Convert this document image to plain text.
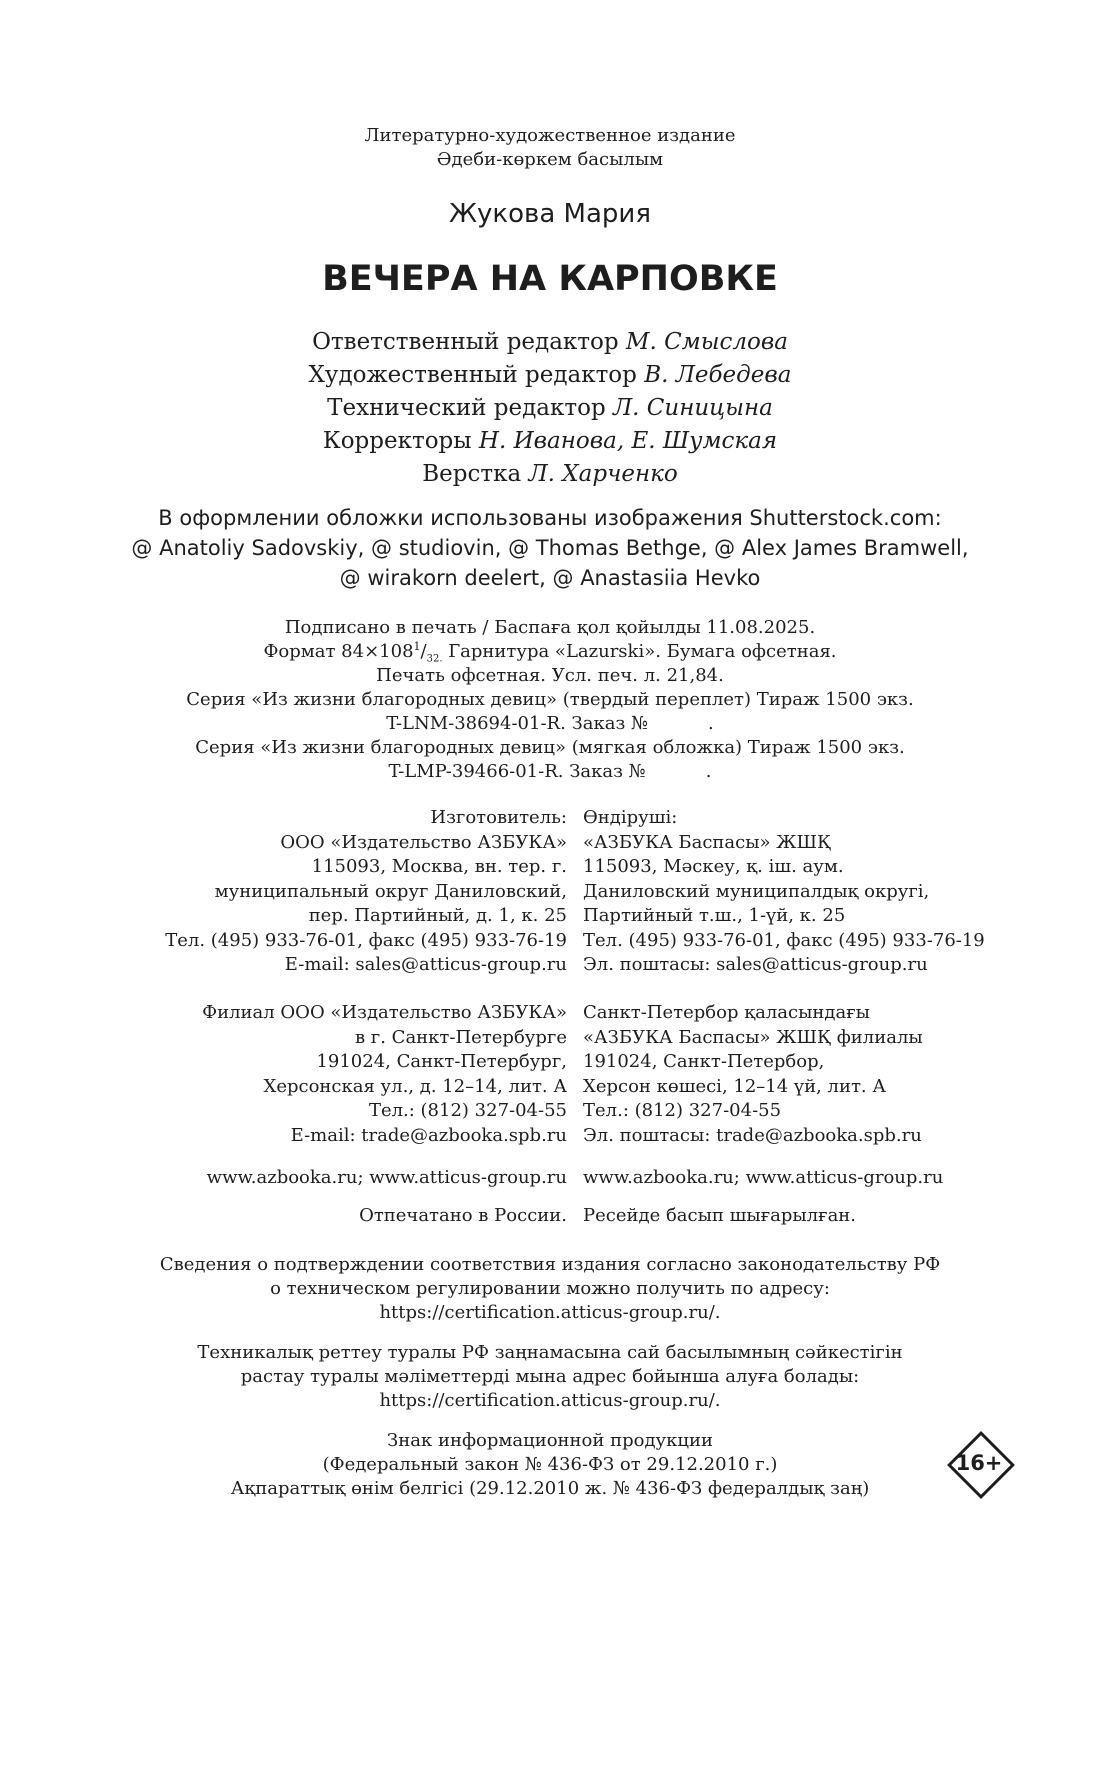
Литературно-художественное издание
Әдеби-көркем басылым
Жукова Мария
ВЕЧЕРА НА КАРПОВКЕ
Ответственный редактор М. Смыслова
Художественный редактор В. Лебедева
Технический редактор Л. Синицына
Корректоры Н. Иванова, Е. Шумская
Верстка Л. Харченко
В оформлении обложки использованы изображения Shutterstock.com:
@ Anatoliy Sadovskiy, @ studiovin, @ Thomas Bethge, @ Alex James Bramwell,
@ wirakorn deelert, @ Anastasiia Hevko
Подписано в печать / Баспаға қол қойылды 11.08.2025.
Формат $84\times 108^1/_{32.}$ Гарнитура «Lazurski». Бумага офсетная.
Печать офсетная. Усл. печ. л. 21,84.
Серия «Из жизни благородных девиц» (твердый переплет) Тираж 1500 экз.
T-LNM-38694-01-R. Заказ №	.
Серия «Из жизни благородных девиц» (мягкая обложка) Тираж 1500 экз.
T-LMP-39466-01-R. Заказ №	.
Изготовитель:
ООО «Издательство АЗБУКА»
115093, Москва, вн. тер. г.
муниципальный округ Даниловский,
пер. Партийный, д. 1, к. 25
Тел. (495) 933-76-01, факс (495) 933-76-19
E-mail: sales@atticus-group.ru
Өндіруші:
«АЗБУКА Баспасы» ЖШҚ
115093, Мәскеу, қ. іш. аум.
Даниловский муниципалдық округі,
Партийный т.ш., 1-үй, к. 25
Тел. (495) 933-76-01, факс (495) 933-76-19
Эл. поштасы: sales@atticus-group.ru
Филиал ООО «Издательство АЗБУКА»
в г. Санкт-Петербурге
191024, Санкт-Петербург,
Херсонская ул., д. 12–14, лит. А
Тел.: (812) 327-04-55
E-mail: trade@azbooka.spb.ru
Санкт-Петербор қаласындағы
«АЗБУКА Баспасы» ЖШҚ филиалы
191024, Санкт-Петербор,
Херсон көшесі, 12–14 үй, лит. А
Тел.: (812) 327-04-55
Эл. поштасы: trade@azbooka.spb.ru
www.azbooka.ru; www.atticus-group.ru www.azbooka.ru; www.atticus-group.ru
Отпечатано в России. Ресейде басып шығарылған.
Сведения о подтверждении соответствия издания согласно законодательству РФ
о техническом регулировании можно получить по адресу:
https://certification.atticus-group.ru/.
Техникалық реттеу туралы РФ заңнамасына сай басылымның сәйкестігін
растау туралы мәліметтерді мына адрес бойынша алуға болады:
https://certification.atticus-group.ru/.
Знак информационной продукции
(Федеральный закон № 436-ФЗ от 29.12.2010 г.)
Ақпараттық өнім белгісі (29.12.2010 ж. № 436-ФЗ федералдық заң)
16+
